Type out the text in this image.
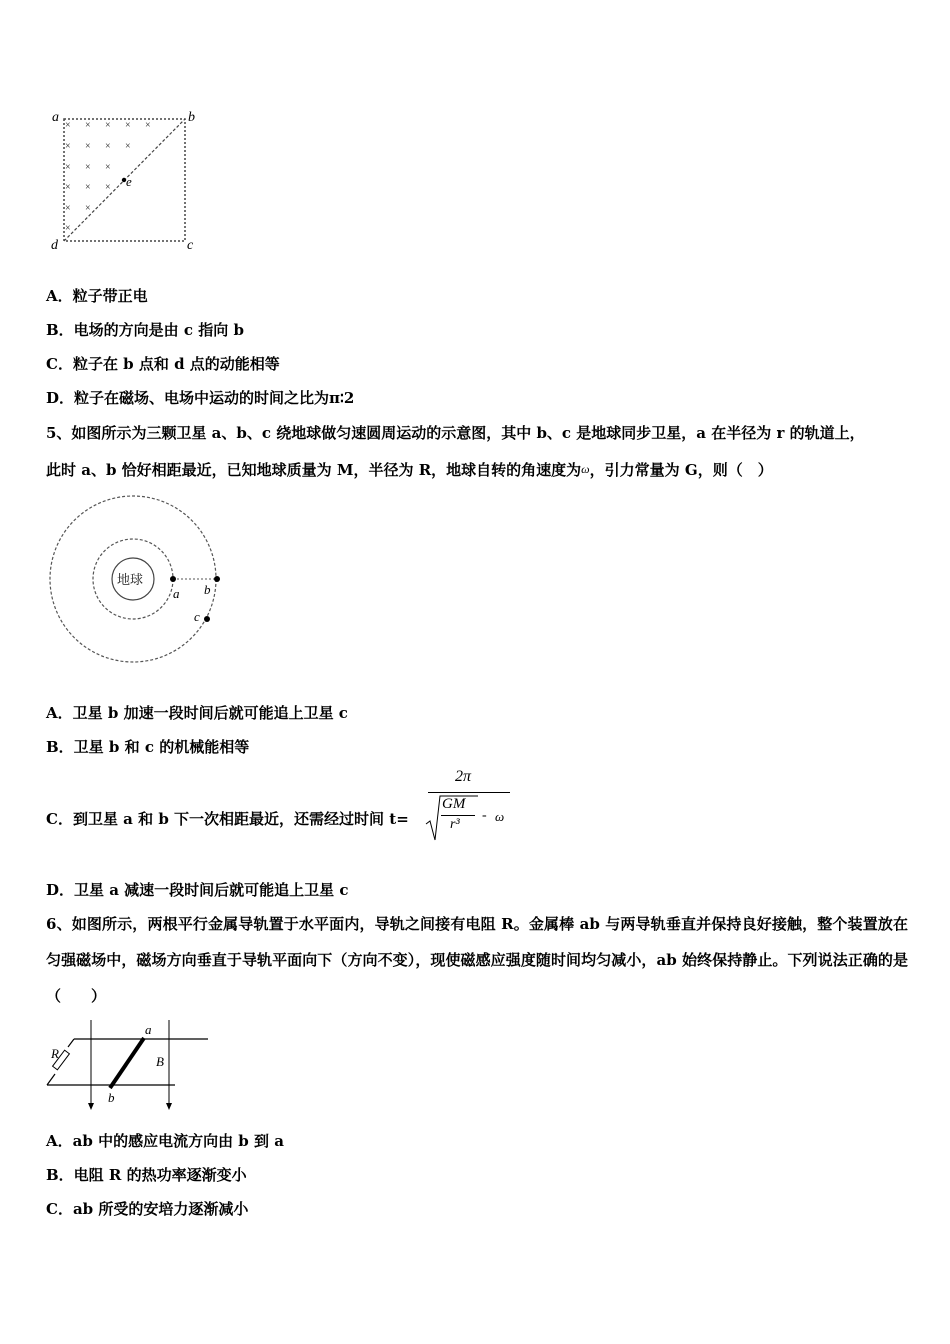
× × × × ×
× × × ×
× × ×
× × ×
× ×
×
a	b
c
d
e
A．粒子带正电
B．电场的方向是由 c 指向 b
C．粒子在 b 点和 d 点的动能相等
D．粒子在磁场、电场中运动的时间之比为π∶2
5、如图所示为三颗卫星 a、b、c 绕地球做匀速圆周运动的示意图，其中 b、c 是地球同步卫星，a 在半径为 r 的轨道上，
此时 a、b 恰好相距最近，已知地球质量为 M，半径为 R，地球自转的角速度为ω，引力常量为 G，则（　）
地球
a b
c
A．卫星 b 加速一段时间后就可能追上卫星 c
B．卫星 b 和 c 的机械能相等
C．到卫星 a 和 b 下一次相距最近，还需经过时间 t=
2π
GM
r³
- ω
D．卫星 a 减速一段时间后就可能追上卫星 c
6、如图所示，两根平行金属导轨置于水平面内，导轨之间接有电阻 R。金属棒 ab 与两导轨垂直并保持良好接触，整个装置放在匀强磁场中，磁场方向垂直于导轨平面向下（方向不变），现使磁感应强度随时间均匀减小，ab 始终保持静止。下列说法正确的是（　　）
R
a
b
B
A．ab 中的感应电流方向由 b 到 a
B．电阻 R 的热功率逐渐变小
C．ab 所受的安培力逐渐减小
